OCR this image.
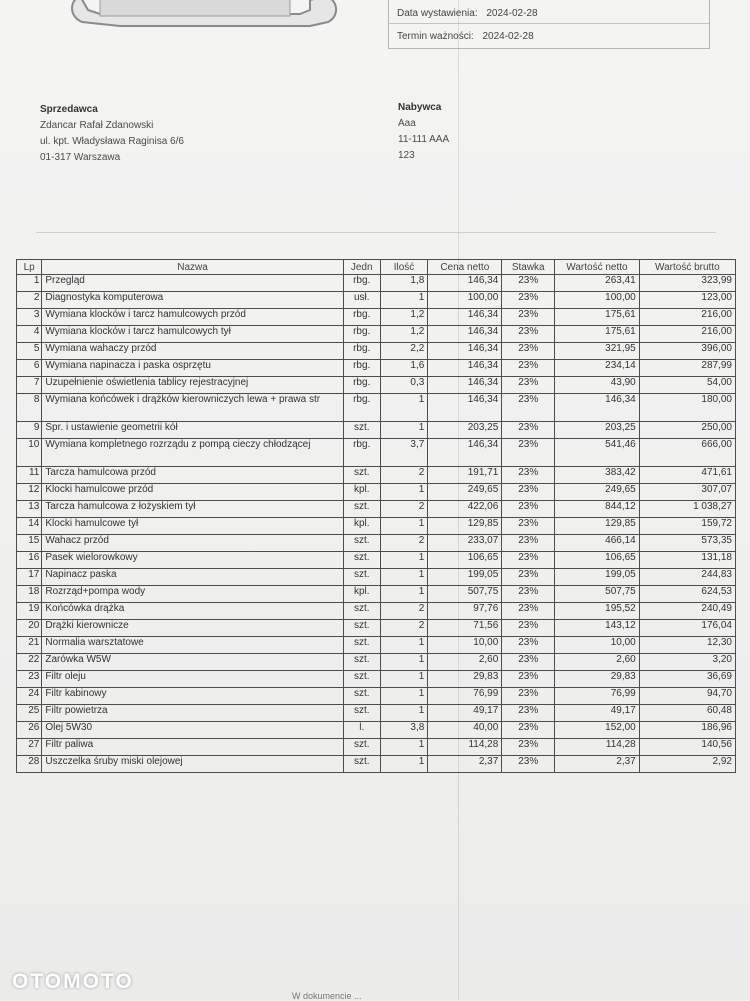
Data wystawienia: 2024-02-28
Termin ważności: 2024-02-28
Sprzedawca
Zdancar Rafał Zdanowski
ul. kpt. Władysława Raginisa 6/6
01-317 Warszawa
Nabywca
Aaa
11-111 AAA
123
Lp	Nazwa	Jedn	Ilość	Cena netto	Stawka	Wartość netto	Wartość brutto
1	Przegląd	rbg.	1,8	146,34	23%	263,41	323,99
2	Diagnostyka komputerowa	usł.	1	100,00	23%	100,00	123,00
3	Wymiana klocków i tarcz hamulcowych przód	rbg.	1,2	146,34	23%	175,61	216,00
4	Wymiana klocków i tarcz hamulcowych tył	rbg.	1,2	146,34	23%	175,61	216,00
5	Wymiana wahaczy przód	rbg.	2,2	146,34	23%	321,95	396,00
6	Wymiana napinacza i paska osprzętu	rbg.	1,6	146,34	23%	234,14	287,99
7	Uzupełnienie oświetlenia tablicy rejestracyjnej	rbg.	0,3	146,34	23%	43,90	54,00
8	Wymiana końcówek i drążków kierowniczych lewa + prawa str	rbg.	1	146,34	23%	146,34	180,00
9	Spr. i ustawienie geometrii kół	szt.	1	203,25	23%	203,25	250,00
10	Wymiana kompletnego rozrządu z pompą cieczy chłodzącej	rbg.	3,7	146,34	23%	541,46	666,00
11	Tarcza hamulcowa przód	szt.	2	191,71	23%	383,42	471,61
12	Klocki hamulcowe przód	kpl.	1	249,65	23%	249,65	307,07
13	Tarcza hamulcowa z łożyskiem tył	szt.	2	422,06	23%	844,12	1 038,27
14	Klocki hamulcowe tył	kpl.	1	129,85	23%	129,85	159,72
15	Wahacz przód	szt.	2	233,07	23%	466,14	573,35
16	Pasek wielorowkowy	szt.	1	106,65	23%	106,65	131,18
17	Napinacz paska	szt.	1	199,05	23%	199,05	244,83
18	Rozrząd+pompa wody	kpl.	1	507,75	23%	507,75	624,53
19	Końcówka drążka	szt.	2	97,76	23%	195,52	240,49
20	Drążki kierownicze	szt.	2	71,56	23%	143,12	176,04
21	Normalia warsztatowe	szt.	1	10,00	23%	10,00	12,30
22	Żarówka W5W	szt.	1	2,60	23%	2,60	3,20
23	Filtr oleju	szt.	1	29,83	23%	29,83	36,69
24	Filtr kabinowy	szt.	1	76,99	23%	76,99	94,70
25	Filtr powietrza	szt.	1	49,17	23%	49,17	60,48
26	Olej 5W30	l.	3,8	40,00	23%	152,00	186,96
27	Filtr paliwa	szt.	1	114,28	23%	114,28	140,56
28	Uszczelka śruby miski olejowej	szt.	1	2,37	23%	2,37	2,92
OTOMOTO
W dokumencie ...
